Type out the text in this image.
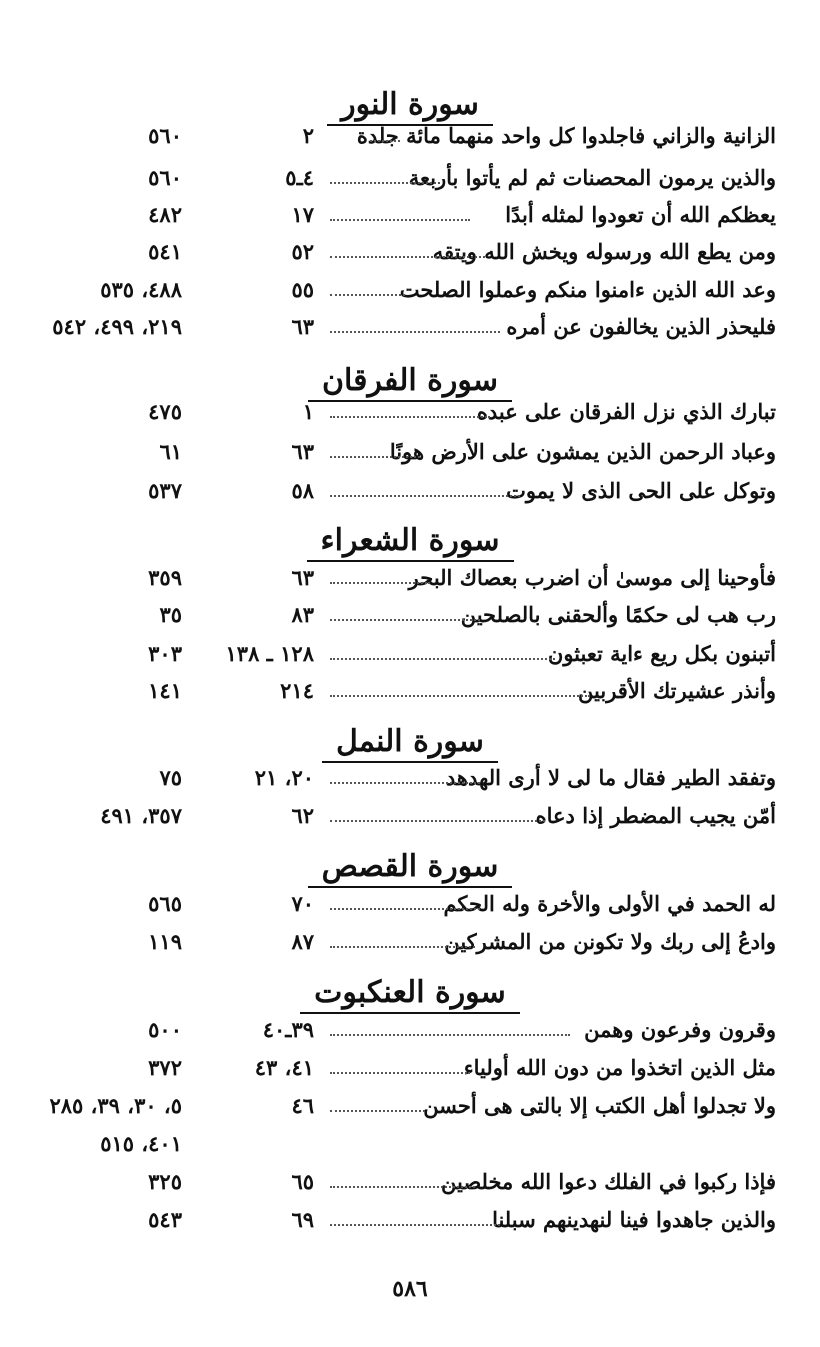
سورة النور
الزانية والزاني فاجلدوا كل واحد منهما مائة جلدة
٢
٥٦٠
والذين يرمون المحصنات ثم لم يأتوا بأربعة
٤ـ٥
٥٦٠
يعظكم الله أن تعودوا لمثله أبدًا
١٧
٤٨٢
ومن يطع الله ورسوله ويخش الله ويتقه
٥٢
٥٤١
وعد الله الذين ءامنوا منكم وعملوا الصلحت
٥٥
٤٨٨، ٥٣٥
فليحذر الذين يخالفون عن أمره
٦٣
٢١٩، ٤٩٩، ٥٤٢
سورة الفرقان
تبارك الذي نزل الفرقان على عبده
١
٤٧٥
وعباد الرحمن الذين يمشون على الأرض هونًا
٦٣
٦١
وتوكل على الحى الذى لا يموت
٥٨
٥٣٧
سورة الشعراء
فأوحينا إلى موسىٰ أن اضرب بعصاك البحر
٦٣
٣٥٩
رب هب لى حكمًا وألحقنى بالصلحين
٨٣
٣٥
أتبنون بكل ريع ءاية تعبثون
١٢٨ ـ ١٣٨
٣٠٣
وأنذر عشيرتك الأقربين
٢١٤
١٤١
سورة النمل
وتفقد الطير فقال ما لى لا أرى الهدهد
٢٠، ٢١
٧٥
أمّن يجيب المضطر إذا دعاه
٦٢
٣٥٧، ٤٩١
سورة القصص
له الحمد في الأولى والأخرة وله الحكم
٧٠
٥٦٥
وادعُ إلى ربك ولا تكونن من المشركين
٨٧
١١٩
سورة العنكبوت
وقرون وفرعون وهمن
٣٩ـ٤٠
٥٠٠
مثل الذين اتخذوا من دون الله أولياء
٤١، ٤٣
٣٧٢
ولا تجدلوا أهل الكتب إلا بالتى هى أحسن
٤٦
٥، ٣٠، ٣٩، ٢٨٥
٤٠١، ٥١٥
فإذا ركبوا في الفلك دعوا الله مخلصين
٦٥
٣٢٥
والذين جاهدوا فينا لنهدينهم سبلنا
٦٩
٥٤٣
٥٨٦
